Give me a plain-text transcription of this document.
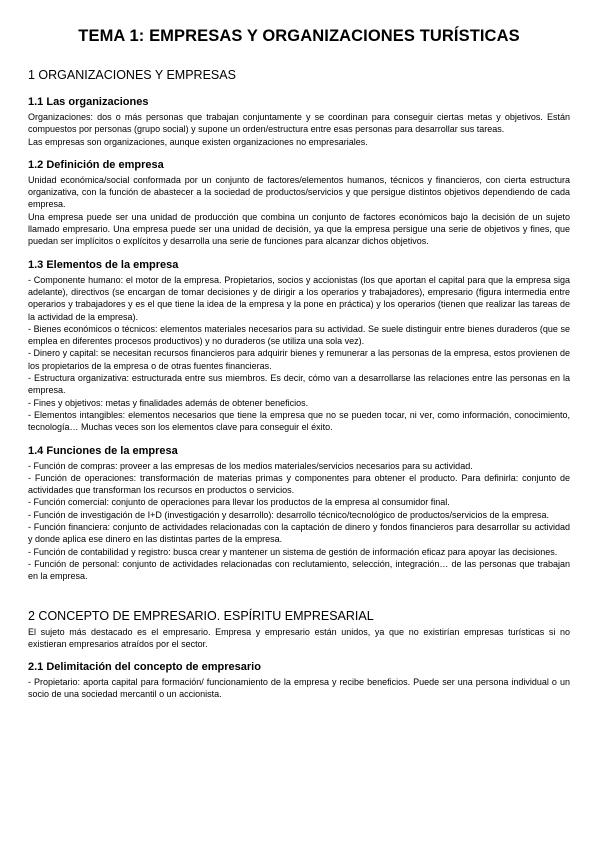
TEMA 1: EMPRESAS Y ORGANIZACIONES TURÍSTICAS
1 ORGANIZACIONES Y EMPRESAS
1.1 Las organizaciones

Organizaciones: dos o más personas que trabajan conjuntamente y se coordinan para conseguir ciertas metas y objetivos. Están compuestos por personas (grupo social) y supone un orden/estructura entre esas personas para desarrollar sus tareas.

Las empresas son organizaciones, aunque existen organizaciones no empresariales.

1.2 Definición de empresa

Unidad económica/social conformada por un conjunto de factores/elementos humanos, técnicos y financieros, con cierta estructura organizativa, con la función de abastecer a la sociedad de productos/servicios y que persigue distintos objetivos dependiendo de cada empresa.

Una empresa puede ser una unidad de producción que combina un conjunto de factores económicos bajo la decisión de un sujeto llamado empresario. Una empresa puede ser una unidad de decisión, ya que la empresa persigue una serie de objetivos y fines, que puedan ser implícitos o explícitos y desarrolla una serie de funciones para alcanzar dichos objetivos.

1.3 Elementos de la empresa

- Componente humano: el motor de la empresa. Propietarios, socios y accionistas (los que aportan el capital para que la empresa siga adelante), directivos (se encargan de tomar decisiones y de dirigir a los operarios y trabajadores), empresario (figura intermedia entre operarios y trabajadores y es el que tiene la idea de la empresa y la pone en práctica) y los operarios (tienen que realizar las tareas de la actividad de la empresa).

- Bienes económicos o técnicos: elementos materiales necesarios para su actividad. Se suele distinguir entre bienes duraderos (que se emplea en diferentes procesos productivos) y no duraderos (se utiliza una sola vez).

- Dinero y capital: se necesitan recursos financieros para adquirir bienes y remunerar a las personas de la empresa, estos provienen de los propietarios de la empresa o de otras fuentes financieras.

- Estructura organizativa: estructurada entre sus miembros. Es decir, cómo van a desarrollarse las relaciones entre las personas en la empresa.

- Fines y objetivos: metas y finalidades además de obtener beneficios.

- Elementos intangibles: elementos necesarios que tiene la empresa que no se pueden tocar, ni ver, como información, conocimiento, tecnología… Muchas veces son los elementos clave para conseguir el éxito.

1.4 Funciones de la empresa

- Función de compras: proveer a las empresas de los medios materiales/servicios necesarios para su actividad.

- Función de operaciones: transformación de materias primas y componentes para obtener el producto. Para definirla: conjunto de actividades que transforman los recursos en productos o servicios.

- Función comercial: conjunto de operaciones para llevar los productos de la empresa al consumidor final.

- Función de investigación de I+D (investigación y desarrollo): desarrollo técnico/tecnológico de productos/servicios de la empresa.

- Función financiera: conjunto de actividades relacionadas con la captación de dinero y fondos financieros para desarrollar su actividad y donde aplica ese dinero en las distintas partes de la empresa.

- Función de contabilidad y registro: busca crear y mantener un sistema de gestión de información eficaz para apoyar las decisiones.

- Función de personal: conjunto de actividades relacionadas con reclutamiento, selección, integración… de las personas que trabajan en la empresa.

2 CONCEPTO DE EMPRESARIO. ESPÍRITU EMPRESARIAL

El sujeto más destacado es el empresario. Empresa y empresario están unidos, ya que no existirían empresas turísticas si no existieran empresarios atraídos por el sector.

2.1 Delimitación del concepto de empresario

- Propietario: aporta capital para formación/ funcionamiento de la empresa y recibe beneficios. Puede ser una persona individual o un socio de una sociedad mercantil o un accionista.
